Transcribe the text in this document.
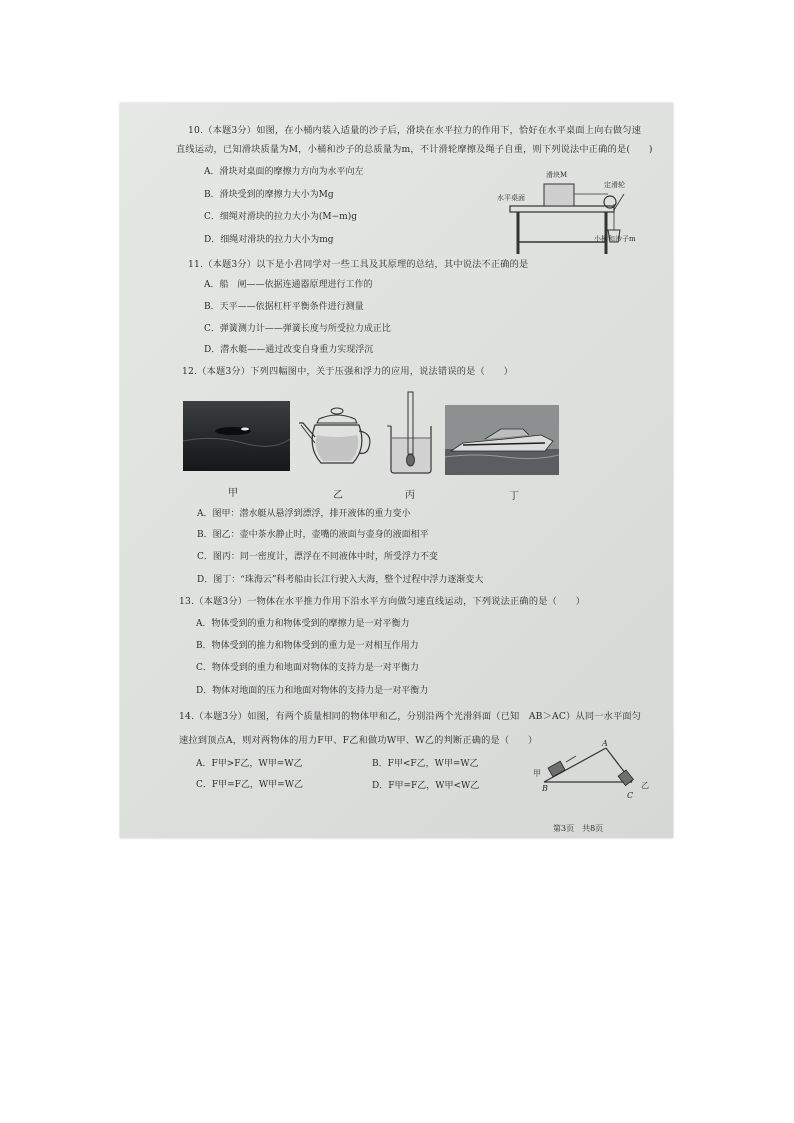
10.（本题3分）如图，在小桶内装入适量的沙子后，滑块在水平拉力的作用下，恰好在水平桌面上向右做匀速
直线运动，已知滑块质量为M，小桶和沙子的总质量为m，不计滑轮摩擦及绳子自重，则下列说法中正确的是(　　)
A．滑块对桌面的摩擦力方向为水平向左
B．滑块受到的摩擦力大小为Mg
C．细绳对滑块的拉力大小为(M−m)g
D．细绳对滑块的拉力大小为mg
滑块M
定滑轮
水平桌面
小桶和沙子m
11.（本题3分）以下是小君同学对一些工具及其原理的总结，其中说法不正确的是
A．船　闸——依据连通器原理进行工作的
B．天平——依据杠杆平衡条件进行测量
C．弹簧测力计——弹簧长度与所受拉力成正比
D．潜水艇——通过改变自身重力实现浮沉
12.（本题3分）下列四幅图中，关于压强和浮力的应用，说法错误的是（　　）
甲	乙	丙	丁
A．图甲：潜水艇从悬浮到漂浮，排开液体的重力变小
B．图乙：壶中茶水静止时，壶嘴的液面与壶身的液面相平
C．图丙：同一密度计，漂浮在不同液体中时，所受浮力不变
D．图丁：“珠海云”科考船由长江行驶入大海，整个过程中浮力逐渐变大
13.（本题3分）一物体在水平推力作用下沿水平方向做匀速直线运动，下列说法正确的是（　　）
A．物体受到的重力和物体受到的摩擦力是一对平衡力
B．物体受到的推力和物体受到的重力是一对相互作用力
C．物体受到的重力和地面对物体的支持力是一对平衡力
D．物体对地面的压力和地面对物体的支持力是一对平衡力
14.（本题3分）如图，有两个质量相同的物体甲和乙，分别沿两个光滑斜面（已知　AB＞AC）从同一水平面匀
速拉到顶点A，则对两物体的用力F甲、F乙和做功W甲、W乙的判断正确的是（　　）
A．F甲>F乙，W甲=W乙	B．F甲<F乙，W甲=W乙
C．F甲=F乙，W甲=W乙	D．F甲=F乙，W甲<W乙
A
B
C
甲
乙
第3页　共8页
